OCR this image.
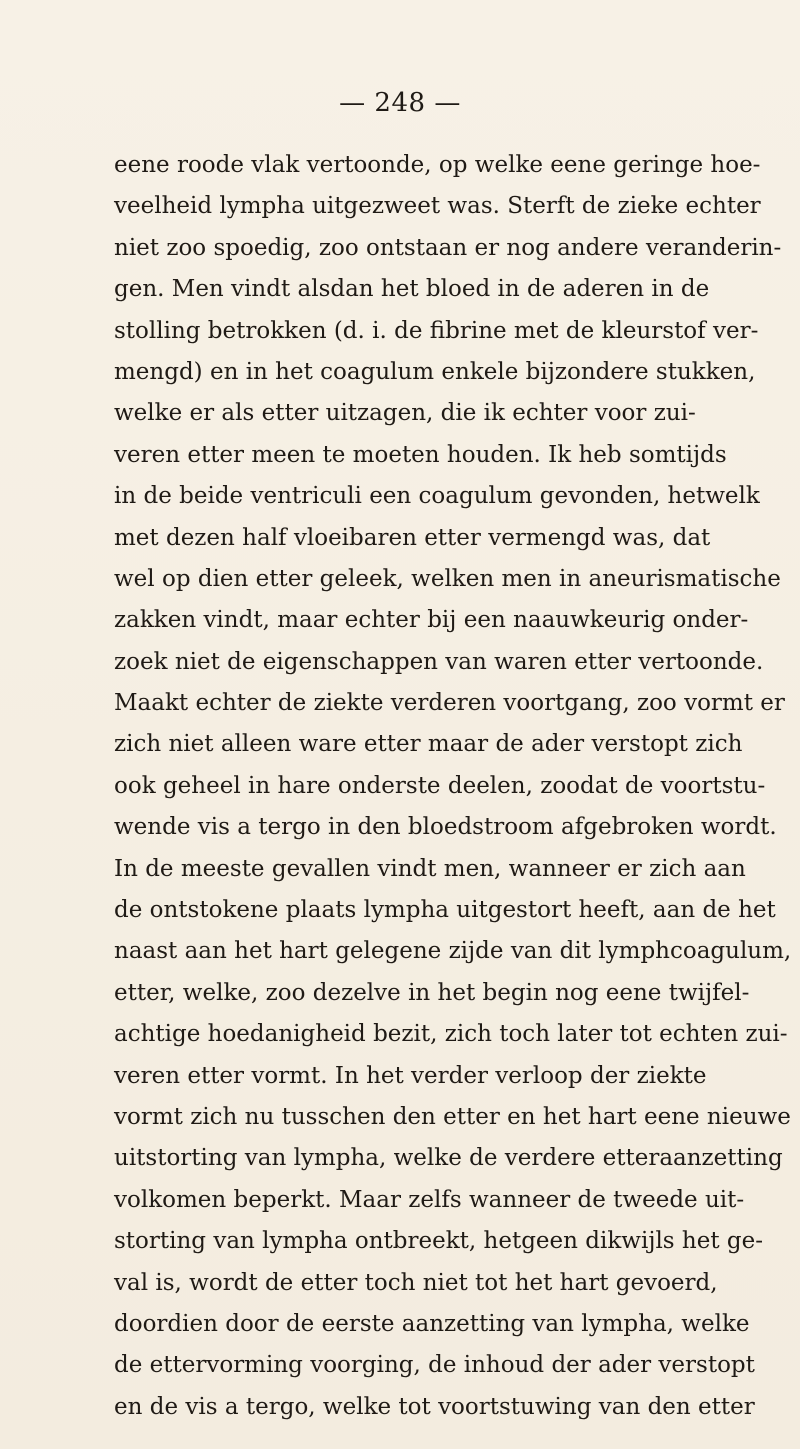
— 248 —
eene roode vlak vertoonde, op welke eene geringe hoe-
veelheid lympha uitgezweet was. Sterft de zieke echter
niet zoo spoedig, zoo ontstaan er nog andere veranderin-
gen. Men vindt alsdan het bloed in de aderen in de
stolling betrokken (d. i. de fibrine met de kleurstof ver-
mengd) en in het coagulum enkele bijzondere stukken,
welke er als etter uitzagen, die ik echter voor zui-
veren etter meen te moeten houden. Ik heb somtijds
in de beide ventriculi een coagulum gevonden, hetwelk
met dezen half vloeibaren etter vermengd was, dat
wel op dien etter geleek, welken men in aneurismatische
zakken vindt, maar echter bij een naauwkeurig onder-
zoek niet de eigenschappen van waren etter vertoonde.
Maakt echter de ziekte verderen voortgang, zoo vormt er
zich niet alleen ware etter maar de ader verstopt zich
ook geheel in hare onderste deelen, zoodat de voortstu-
wende vis a tergo in den bloedstroom afgebroken wordt.
In de meeste gevallen vindt men, wanneer er zich aan
de ontstokene plaats lympha uitgestort heeft, aan de het
naast aan het hart gelegene zijde van dit lymphcoagulum,
etter, welke, zoo dezelve in het begin nog eene twijfel-
achtige hoedanigheid bezit, zich toch later tot echten zui-
veren etter vormt. In het verder verloop der ziekte
vormt zich nu tusschen den etter en het hart eene nieuwe
uitstorting van lympha, welke de verdere etteraanzetting
volkomen beperkt. Maar zelfs wanneer de tweede uit-
storting van lympha ontbreekt, hetgeen dikwijls het ge-
val is, wordt de etter toch niet tot het hart gevoerd,
doordien door de eerste aanzetting van lympha, welke
de ettervorming voorging, de inhoud der ader verstopt
en de vis a tergo, welke tot voortstuwing van den etter
